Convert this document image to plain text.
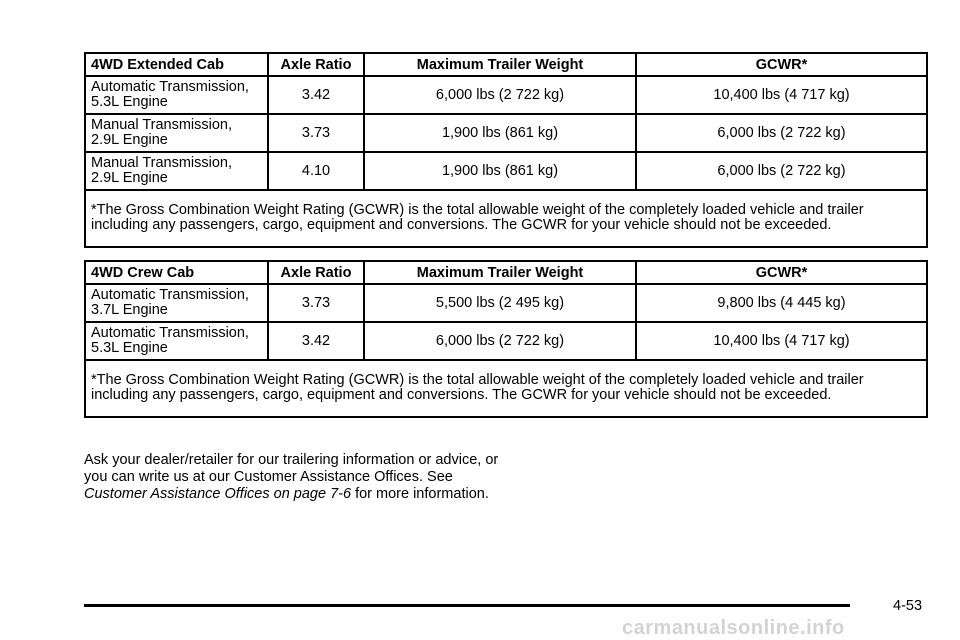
4WD Extended Cab	Axle Ratio	Maximum Trailer Weight	GCWR*
Automatic Transmission, 5.3L Engine	3.42	6,000 lbs (2 722 kg)	10,400 lbs (4 717 kg)
Manual Transmission, 2.9L Engine	3.73	1,900 lbs (861 kg)	6,000 lbs (2 722 kg)
Manual Transmission, 2.9L Engine	4.10	1,900 lbs (861 kg)	6,000 lbs (2 722 kg)
*The Gross Combination Weight Rating (GCWR) is the total allowable weight of the completely loaded vehicle and trailer including any passengers, cargo, equipment and conversions. The GCWR for your vehicle should not be exceeded.			
4WD Crew Cab	Axle Ratio	Maximum Trailer Weight	GCWR*
Automatic Transmission, 3.7L Engine	3.73	5,500 lbs (2 495 kg)	9,800 lbs (4 445 kg)
Automatic Transmission, 5.3L Engine	3.42	6,000 lbs (2 722 kg)	10,400 lbs (4 717 kg)
*The Gross Combination Weight Rating (GCWR) is the total allowable weight of the completely loaded vehicle and trailer including any passengers, cargo, equipment and conversions. The GCWR for your vehicle should not be exceeded.			

Ask your dealer/retailer for our trailering information or advice, or you can write us at our Customer Assistance Offices. See Customer Assistance Offices on page 7-6 for more information.

4-53
carmanualsonline.info
